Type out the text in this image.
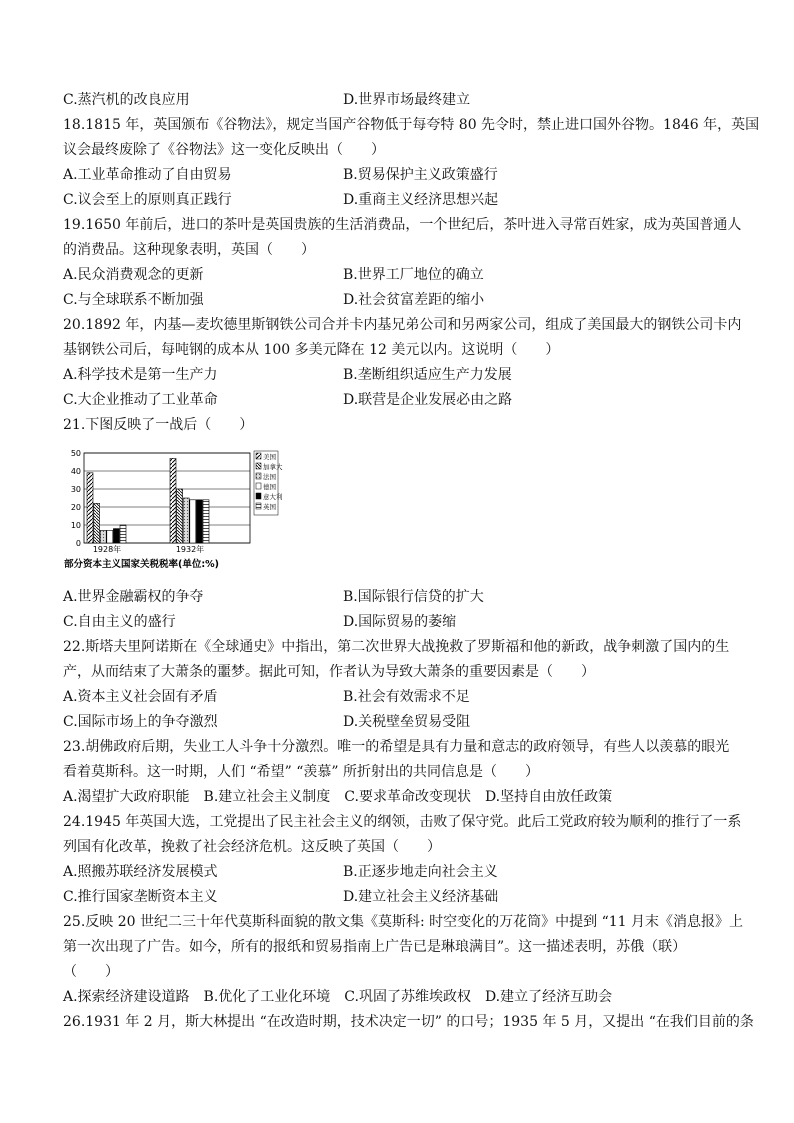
C.蒸汽机的改良应用	D.世界市场最终建立
18.1815 年，英国颁布《谷物法》，规定当国产谷物低于每夸特 80 先令时，禁止进口国外谷物。1846 年，英国
议会最终废除了《谷物法》这一变化反映出（　　）
A.工业革命推动了自由贸易	B.贸易保护主义政策盛行
C.议会至上的原则真正践行	D.重商主义经济思想兴起
19.1650 年前后，进口的茶叶是英国贵族的生活消费品，一个世纪后，茶叶进入寻常百姓家，成为英国普通人
的消费品。这种现象表明，英国（　　）
A.民众消费观念的更新	B.世界工厂地位的确立
C.与全球联系不断加强	D.社会贫富差距的缩小
20.1892 年，内基—麦坎德里斯钢铁公司合并卡内基兄弟公司和另两家公司，组成了美国最大的钢铁公司卡内
基钢铁公司后，每吨钢的成本从 100 多美元降在 12 美元以内。这说明（　　）
A.科学技术是第一生产力	B.垄断组织适应生产力发展
C.大企业推动了工业革命	D.联营是企业发展必由之路
21.下图反映了一战后（　　）
0
10
20
30
40
50
1928年	1932年
美国
加拿大
法国
德国
意大利
英国
部分资本主义国家关税税率(单位:%)
A.世界金融霸权的争夺	B.国际银行信贷的扩大
C.自由主义的盛行	D.国际贸易的萎缩
22.斯塔夫里阿诺斯在《全球通史》中指出，第二次世界大战挽救了罗斯福和他的新政，战争刺激了国内的生
产，从而结束了大萧条的噩梦。据此可知，作者认为导致大萧条的重要因素是（　　）
A.资本主义社会固有矛盾	B.社会有效需求不足
C.国际市场上的争夺激烈	D.关税壁垒贸易受阻
23.胡佛政府后期，失业工人斗争十分激烈。唯一的希望是具有力量和意志的政府领导，有些人以羡慕的眼光
看着莫斯科。这一时期，人们 “希望” “羡慕” 所折射出的共同信息是（　　）
A.渴望扩大政府职能　B.建立社会主义制度　C.要求革命改变现状　D.坚持自由放任政策
24.1945 年英国大选，工党提出了民主社会主义的纲领，击败了保守党。此后工党政府较为顺利的推行了一系
列国有化改革，挽救了社会经济危机。这反映了英国（　　）
A.照搬苏联经济发展模式	B.正逐步地走向社会主义
C.推行国家垄断资本主义	D.建立社会主义经济基础
25.反映 20 世纪二三十年代莫斯科面貌的散文集《莫斯科: 时空变化的万花筒》中提到 “11 月末《消息报》上
第一次出现了广告。如今，所有的报纸和贸易指南上广告已是琳琅满目”。这一描述表明，苏俄（联）
（　　）
A.探索经济建设道路　B.优化了工业化环境　C.巩固了苏维埃政权　D.建立了经济互助会
26.1931 年 2 月，斯大林提出 “在改造时期，技术决定一切” 的口号；1935 年 5 月，又提出 “在我们目前的条
